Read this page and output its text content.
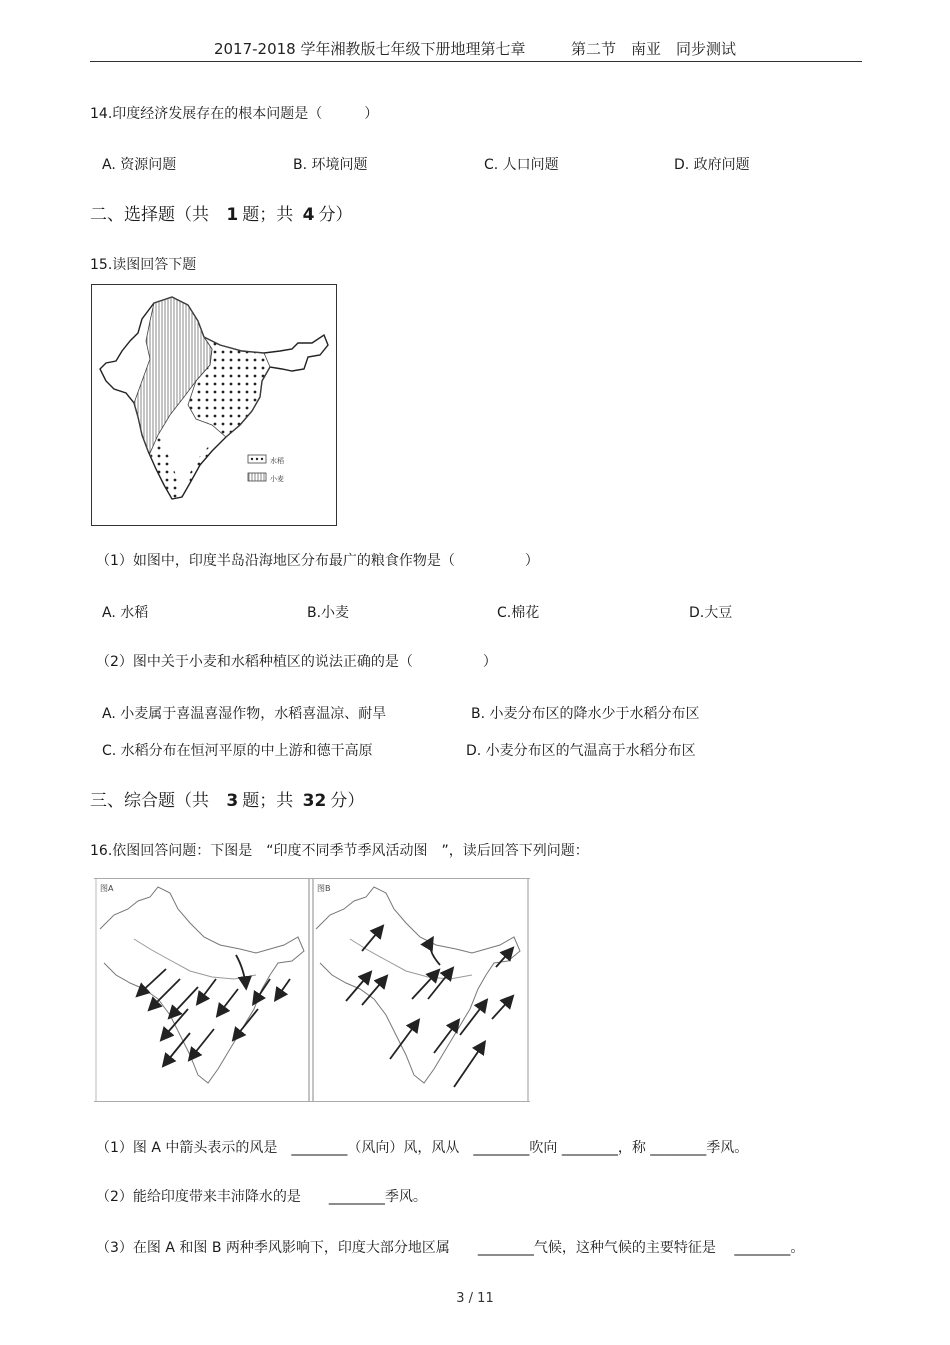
2017-2018 学年湘教版七年级下册地理第七章	第二节　南亚　同步测试
14.印度经济发展存在的根本问题是（　　　）
A. 资源问题	B. 环境问题	C. 人口问题	D. 政府问题
二、选择题（共 1 题；共 4 分）
15.读图回答下题
水稻
小麦
（1）如图中，印度半岛沿海地区分布最广的粮食作物是（　　　　　）
A. 水稻	B.小麦	C.棉花	D.大豆
（2）图中关于小麦和水稻种植区的说法正确的是（　　　　　）
A. 小麦属于喜温喜湿作物，水稻喜温凉、耐旱	B. 小麦分布区的降水少于水稻分布区
C. 水稻分布在恒河平原的中上游和德干高原	D. 小麦分布区的气温高于水稻分布区
三、综合题（共 3 题；共 32 分）
16.依图回答问题：下图是　“印度不同季节季风活动图　”，读后回答下列问题：
图A	图B
（1）图 A 中箭头表示的风是　________（风向）风，风从　________吹向 ________，称 ________季风。
（2）能给印度带来丰沛降水的是　　________季风。
（3）在图 A 和图 B 两种季风影响下，印度大部分地区属　　________气候，这种气候的主要特征是　 ________。
3 / 11
